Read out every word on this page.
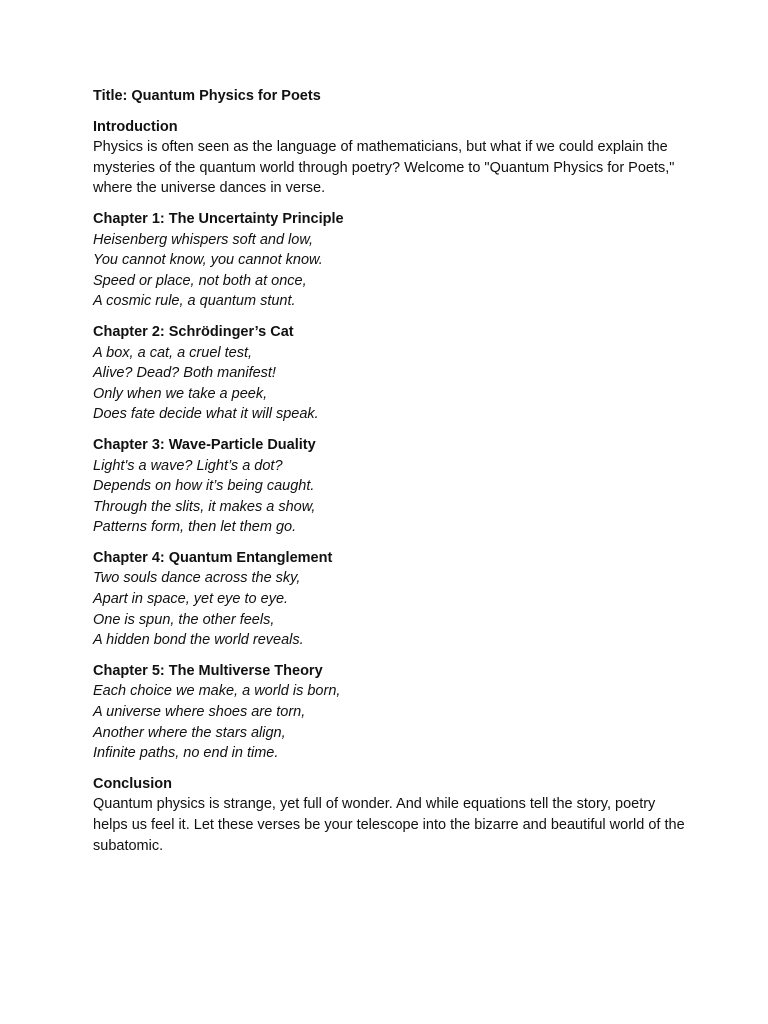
Title: Quantum Physics for Poets
Introduction
Physics is often seen as the language of mathematicians, but what if we could explain the mysteries of the quantum world through poetry? Welcome to "Quantum Physics for Poets," where the universe dances in verse.
Chapter 1: The Uncertainty Principle
Heisenberg whispers soft and low,
You cannot know, you cannot know.
Speed or place, not both at once,
A cosmic rule, a quantum stunt.
Chapter 2: Schrödinger’s Cat
A box, a cat, a cruel test,
Alive? Dead? Both manifest!
Only when we take a peek,
Does fate decide what it will speak.
Chapter 3: Wave-Particle Duality
Light's a wave? Light’s a dot?
Depends on how it’s being caught.
Through the slits, it makes a show,
Patterns form, then let them go.
Chapter 4: Quantum Entanglement
Two souls dance across the sky,
Apart in space, yet eye to eye.
One is spun, the other feels,
A hidden bond the world reveals.
Chapter 5: The Multiverse Theory
Each choice we make, a world is born,
A universe where shoes are torn,
Another where the stars align,
Infinite paths, no end in time.
Conclusion
Quantum physics is strange, yet full of wonder. And while equations tell the story, poetry helps us feel it. Let these verses be your telescope into the bizarre and beautiful world of the subatomic.
